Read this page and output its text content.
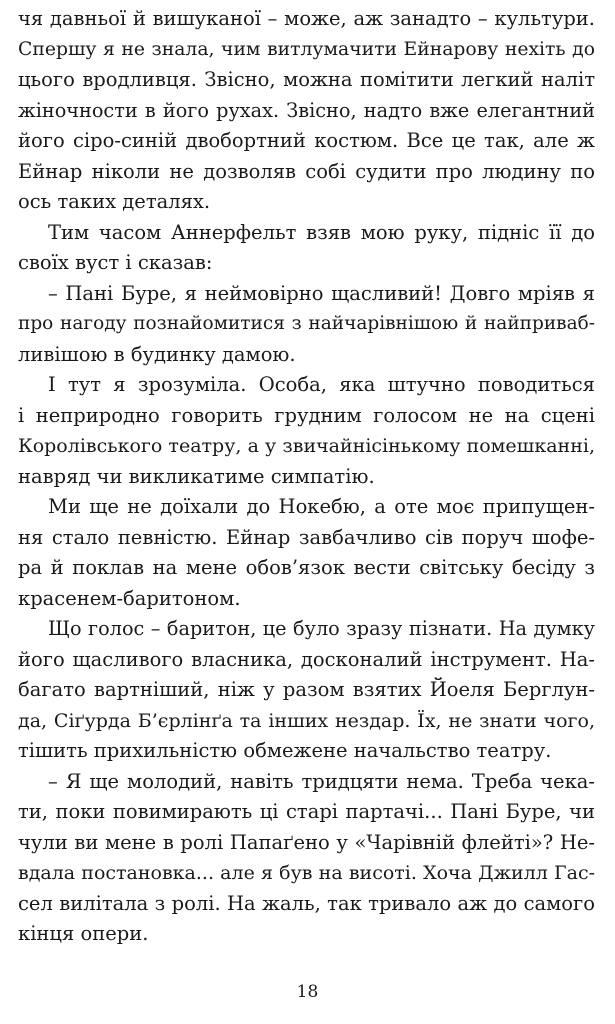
чя давньої й вишуканої – може, аж занадто – культури.
Спершу я не знала, чим витлумачити Ейнарову нехіть до
цього вродливця. Звісно, можна помітити легкий наліт
жіночности в його рухах. Звісно, надто вже елегантний
його сіро-синій двобортний костюм. Все це так, але ж
Ейнар ніколи не дозволяв собі судити про людину по
ось таких деталях.
Тим часом Аннерфельт взяв мою руку, підніс її до
своїх вуст і сказав:
– Пані Буре, я неймовірно щасливий! Довго мріяв я
про нагоду познайомитися з найчарівнішою й найприваб-
ливішою в будинку дамою.
І тут я зрозуміла. Особа, яка штучно поводиться
і неприродно говорить грудним голосом не на сцені
Королівського театру, а у звичайнісінькому помешканні,
навряд чи викликатиме симпатію.
Ми ще не доїхали до Нокебю, а оте моє припущен-
ня стало певністю. Ейнар завбачливо сів поруч шофе-
ра й поклав на мене обов’язок вести світську бесіду з
красенем-баритоном.
Що голос – баритон, це було зразу пізнати. На думку
його щасливого власника, досконалий інструмент. На-
багато вартніший, ніж у разом взятих Йоеля Берглун-
да, Сіґурда Б’єрлінґа та інших нездар. Їх, не знати чого,
тішить прихильністю обмежене начальство театру.
– Я ще молодий, навіть тридцяти нема. Треба чека-
ти, поки повимирають ці старі партачі... Пані Буре, чи
чули ви мене в ролі Папаґено у «Чарівній флейті»? Не-
вдала постановка... але я був на висоті. Хоча Джилл Гас-
сел вилітала з ролі. На жаль, так тривало аж до самого
кінця опери.
18
